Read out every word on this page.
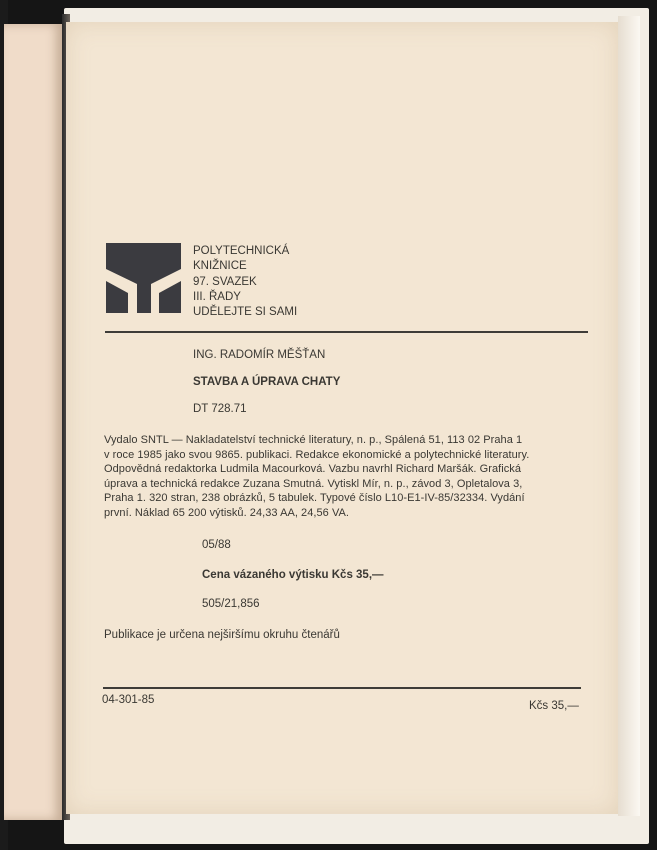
POLYTECHNICKÁ
KNIŽNICE
97. SVAZEK
III. ŘADY
UDĚLEJTE SI SAMI
ING. RADOMÍR MĚŠŤAN
STAVBA A ÚPRAVA CHATY
DT 728.71
Vydalo SNTL — Nakladatelství technické literatury, n. p., Spálená 51, 113 02 Praha 1
v roce 1985 jako svou 9865. publikaci. Redakce ekonomické a polytechnické literatury.
Odpovědná redaktorka Ludmila Macourková. Vazbu navrhl Richard Maršák. Grafická
úprava a technická redakce Zuzana Smutná. Vytiskl Mír, n. p., závod 3, Opletalova 3,
Praha 1. 320 stran, 238 obrázků, 5 tabulek. Typové číslo L10-E1-IV-85/32334. Vydání
první. Náklad 65 200 výtisků. 24,33 AA, 24,56 VA.
05/88
Cena vázaného výtisku Kčs 35,—
505/21,856
Publikace je určena nejširšímu okruhu čtenářů
04-301-85	Kčs 35,—
